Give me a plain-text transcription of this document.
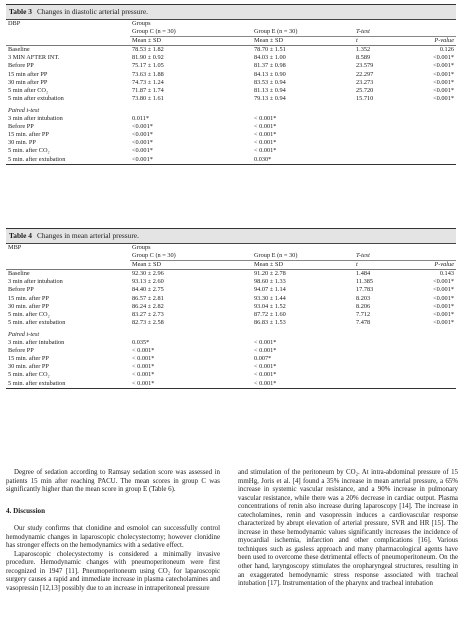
Table 3 Changes in diastolic arterial pressure.
DBP	Groups			
	Group C (n = 30)	Group E (n = 30)	T-test	
	Mean ± SD	Mean ± SD	t	P-value
Baseline	78.53 ± 1.82	78.70 ± 1.51	1.352	0.126
3 MIN AFTER INT.	81.90 ± 0.92	84.03 ± 1.00	8.589	<0.001*
Before PP	75.17 ± 1.05	81.37 ± 0.98	23.579	<0.001*
15 min after PP	73.63 ± 1.88	84.13 ± 0.90	22.297	<0.001*
30 min after PP	74.73 ± 1.24	83.53 ± 0.94	23.273	<0.001*
5 min after CO₂	71.87 ± 1.74	81.13 ± 0.94	25.720	<0.001*
5 min after extubation	73.80 ± 1.61	79.13 ± 0.94	15.710	<0.001*
Paired t-test				
3 min after intubation	0.011*	< 0.001*		
Before PP	<0.001*	< 0.001*		
15 min. after PP	<0.001*	< 0.001*		
30 min. PP	<0.001*	< 0.001*		
5 min. after CO₂	<0.001*	< 0.001*		
5 min. after extubation	<0.001*	0.030*		
Table 4 Changes in mean arterial pressure.
MBP	Groups			
	Group C (n = 30)	Group E (n = 30)	T-test	
	Mean ± SD	Mean ± SD	t	P-value
Baseline	92.30 ± 2.96	91.20 ± 2.78	1.484	0.143
3 min after intubation	93.13 ± 2.60	98.60 ± 1.33	11.385	<0.001*
Before PP	84.40 ± 2.75	94.07 ± 1.14	17.783	<0.001*
15 min. after PP	86.57 ± 2.81	93.30 ± 1.44	8.203	<0.001*
30 min. after PP	86.24 ± 2.82	93.04 ± 1.52	8.206	<0.001*
5 min. after CO₂	83.27 ± 2.73	87.72 ± 1.60	7.712	<0.001*
5 min. after extubation	82.73 ± 2.58	86.83 ± 1.53	7.478	<0.001*
Paired t-test				
3 min. after intubation	0.035*	< 0.001*		
Before PP	< 0.001*	< 0.001*		
15 min. after PP	< 0.001*	0.007*		
30 min. after PP	< 0.001*	< 0.001*		
5 min. after CO₂	< 0.001*	< 0.001*		
5 min. after extubation	< 0.001*	< 0.001*		

Degree of sedation according to Ramsay sedation score was assessed in patients 15 min after reaching PACU. The mean scores in group C was significantly higher than the mean score in group E (Table 6).

4. Discussion

Our study confirms that clonidine and esmolol can successfully control hemodynamic changes in laparoscopic cholecystectomy; however clonidine has stronger effects on the hemodynamics with a sedative effect.

Laparoscopic cholecystectomy is considered a minimally invasive procedure. Hemodynamic changes with pneumoperitoneum were first recognized in 1947 [11]. Pneumoperitoneum using CO₂ for laparoscopic surgery causes a rapid and immediate increase in plasma catecholamines and vasopressin [12,13] possibly due to an increase in intraperitoneal pressure

and stimulation of the peritoneum by CO₂. At intra-abdominal pressure of 15 mmHg, Joris et al. [4] found a 35% increase in mean arterial pressure, a 65% increase in systemic vascular resistance, and a 90% increase in pulmonary vascular resistance, while there was a 20% decrease in cardiac output. Plasma concentrations of renin also increase during laparoscopy [14]. The increase in catecholamines, renin and vasopressin induces a cardiovascular response characterized by abrupt elevation of arterial pressure, SVR and HR [15]. The increase in these hemodynamic values significantly increases the incidence of myocardial ischemia, infarction and other complications [16]. Various techniques such as gasless approach and many pharmacological agents have been used to overcome these detrimental effects of pneumoperitoneum. On the other hand, laryngoscopy stimulates the oropharyngeal structures, resulting in an exaggerated hemodynamic stress response associated with tracheal intubation [17]. Instrumentation of the pharynx and tracheal intubation
